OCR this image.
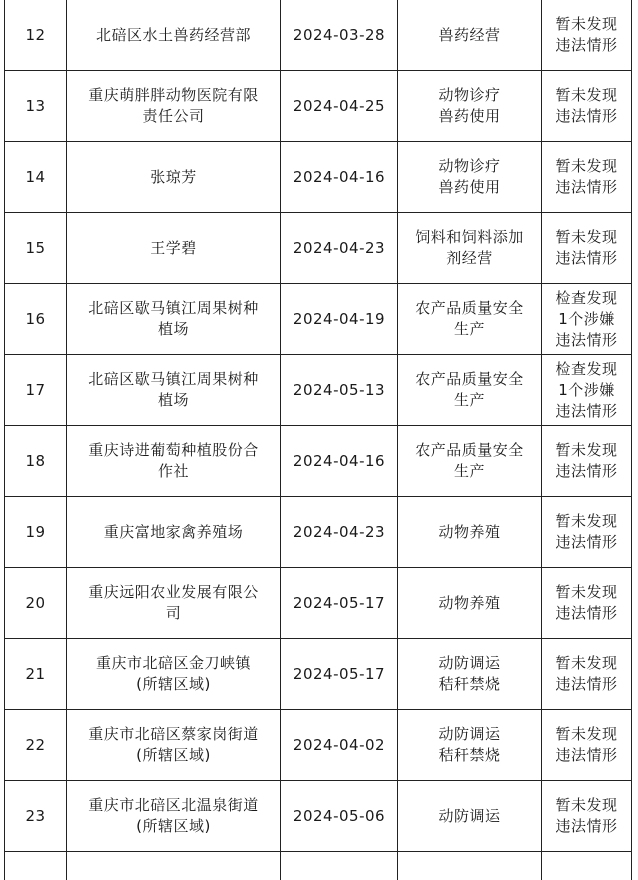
12	北碚区水土兽药经营部	2024-03-28	兽药经营	暂未发现
违法情形

13	重庆萌胖胖动物医院有限
责任公司	2024-04-25	动物诊疗
兽药使用	暂未发现
违法情形

14	张琼芳	2024-04-16	动物诊疗
兽药使用	暂未发现
违法情形

15	王学碧	2024-04-23	饲料和饲料添加
剂经营	暂未发现
违法情形

16	北碚区歇马镇江周果树种
植场	2024-04-19	农产品质量安全
生产	检查发现
1个涉嫌
违法情形

17	北碚区歇马镇江周果树种
植场	2024-05-13	农产品质量安全
生产	检查发现
1个涉嫌
违法情形

18	重庆诗进葡萄种植股份合
作社	2024-04-16	农产品质量安全
生产	暂未发现
违法情形

19	重庆富地家禽养殖场	2024-04-23	动物养殖	暂未发现
违法情形

20	重庆远阳农业发展有限公
司	2024-05-17	动物养殖	暂未发现
违法情形

21	重庆市北碚区金刀峡镇
(所辖区域)	2024-05-17	动防调运
秸秆禁烧	暂未发现
违法情形

22	重庆市北碚区蔡家岗街道
(所辖区域)	2024-04-02	动防调运
秸秆禁烧	暂未发现
违法情形

23	重庆市北碚区北温泉街道
(所辖区域)	2024-05-06	动防调运	暂未发现
违法情形
